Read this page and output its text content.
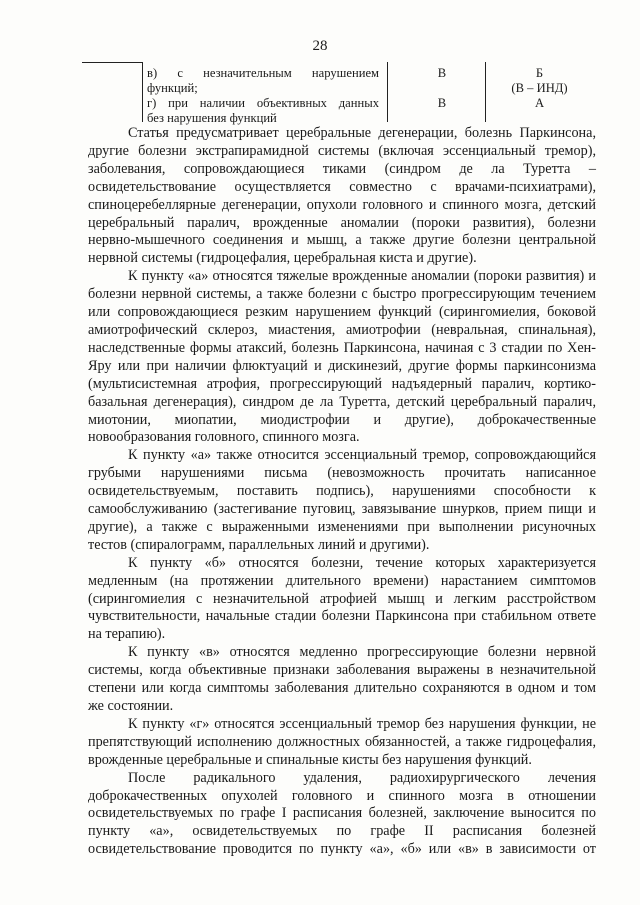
28
в) с незначительным нарушением
функций;
В	Б
(В – ИНД)
г) при наличии объективных данных
без нарушения функций
В	А
Статья предусматривает церебральные дегенерации, болезнь Паркинсона,
другие болезни экстрапирамидной системы (включая эссенциальный тремор),
заболевания, сопровождающиеся тиками (синдром де ла Туретта –
освидетельствование осуществляется совместно с врачами-психиатрами),
спиноцеребеллярные дегенерации, опухоли головного и спинного мозга, детский
церебральный паралич, врожденные аномалии (пороки развития), болезни
нервно-мышечного соединения и мышц, а также другие болезни центральной
нервной системы (гидроцефалия, церебральная киста и другие).
К пункту «а» относятся тяжелые врожденные аномалии (пороки развития) и
болезни нервной системы, а также болезни с быстро прогрессирующим течением
или сопровождающиеся резким нарушением функций (сирингомиелия, боковой
амиотрофический склероз, миастения, амиотрофии (невральная, спинальная),
наследственные формы атаксий, болезнь Паркинсона, начиная с 3 стадии по Хен-
Яру или при наличии флюктуаций и дискинезий, другие формы паркинсонизма
(мультисистемная атрофия, прогрессирующий надъядерный паралич, кортико-
базальная дегенерация), синдром де ла Туретта, детский церебральный паралич,
миотонии, миопатии, миодистрофии и другие), доброкачественные
новообразования головного, спинного мозга.
К пункту «а» также относится эссенциальный тремор, сопровождающийся
грубыми нарушениями письма (невозможность прочитать написанное
освидетельствуемым, поставить подпись), нарушениями способности к
самообслуживанию (застегивание пуговиц, завязывание шнурков, прием пищи и
другие), а также с выраженными изменениями при выполнении рисуночных
тестов (спиралограмм, параллельных линий и другими).
К пункту «б» относятся болезни, течение которых характеризуется
медленным (на протяжении длительного времени) нарастанием симптомов
(сирингомиелия с незначительной атрофией мышц и легким расстройством
чувствительности, начальные стадии болезни Паркинсона при стабильном ответе
на терапию).
К пункту «в» относятся медленно прогрессирующие болезни нервной
системы, когда объективные признаки заболевания выражены в незначительной
степени или когда симптомы заболевания длительно сохраняются в одном и том
же состоянии.
К пункту «г» относятся эссенциальный тремор без нарушения функции, не
препятствующий исполнению должностных обязанностей, а также гидроцефалия,
врожденные церебральные и спинальные кисты без нарушения функций.
После радикального удаления, радиохирургического лечения
доброкачественных опухолей головного и спинного мозга в отношении
освидетельствуемых по графе I расписания болезней, заключение выносится по
пункту «а», освидетельствуемых по графе II расписания болезней
освидетельствование проводится по пункту «а», «б» или «в» в зависимости от
